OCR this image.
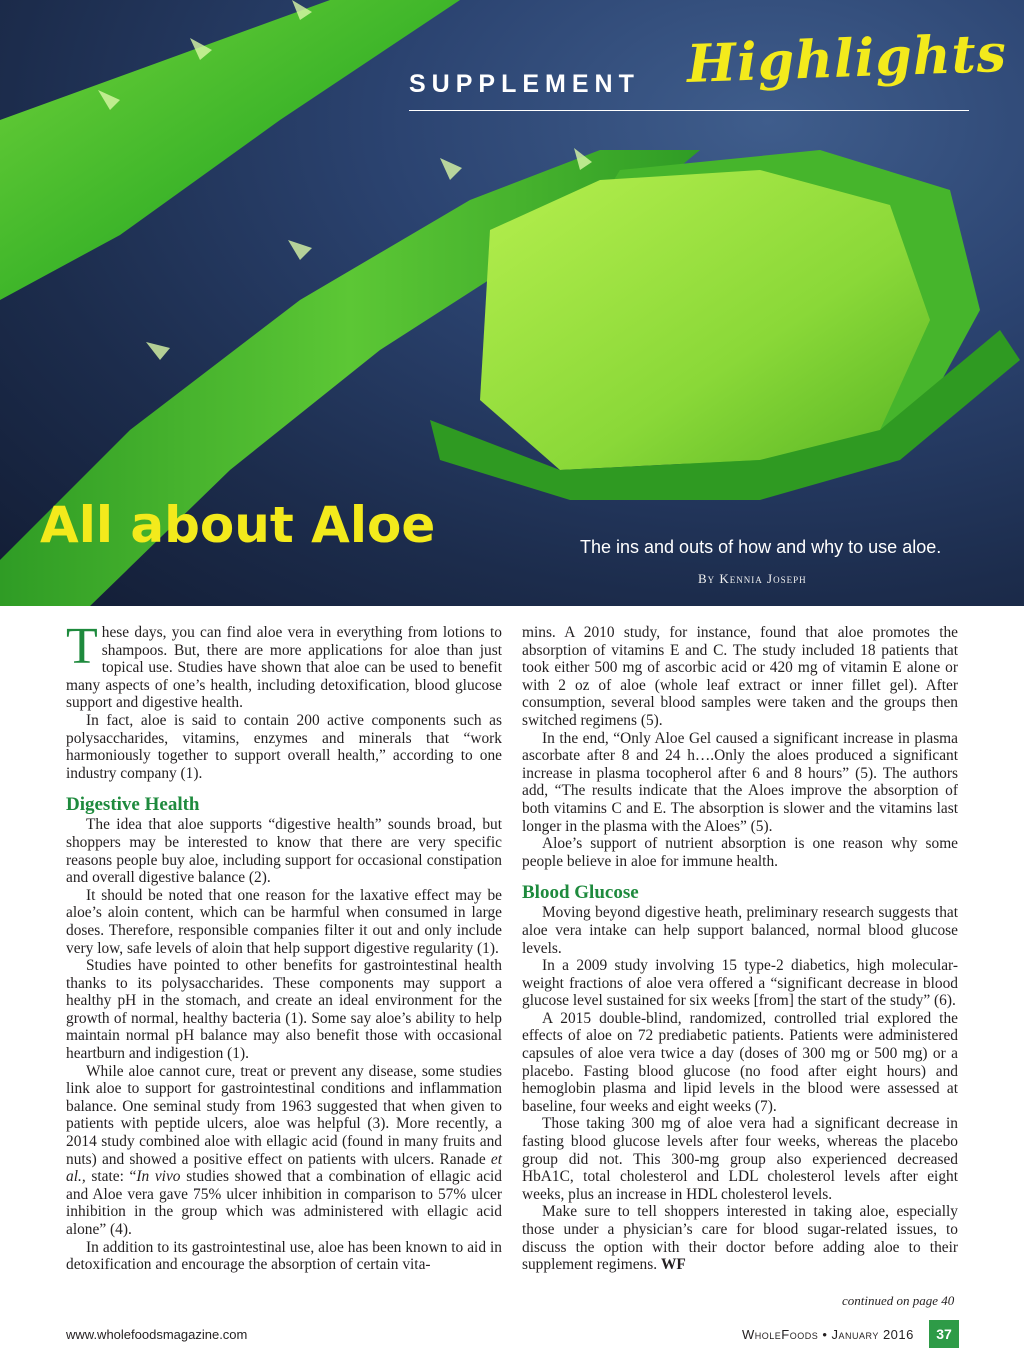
SUPPLEMENT Highlights
All about Aloe	The ins and outs of how and why to use aloe.
By Kennia Joseph

These days, you can find aloe vera in everything from lotions to shampoos. But, there are more applications for aloe than just topical use. Studies have shown that aloe can be used to benefit many aspects of one’s health, including detoxification, blood glucose support and digestive health.

In fact, aloe is said to contain 200 active components such as polysaccharides, vitamins, enzymes and minerals that “work harmoniously together to support overall health,” according to one industry company (1).

Digestive Health

The idea that aloe supports “digestive health” sounds broad, but shoppers may be interested to know that there are very specific reasons people buy aloe, including support for occasional constipation and overall digestive balance (2).

It should be noted that one reason for the laxative effect may be aloe’s aloin content, which can be harmful when consumed in large doses. Therefore, responsible companies filter it out and only include very low, safe levels of aloin that help support digestive regularity (1).

Studies have pointed to other benefits for gastrointestinal health thanks to its polysaccharides. These components may support a healthy pH in the stomach, and create an ideal environment for the growth of normal, healthy bacteria (1). Some say aloe’s ability to help maintain normal pH balance may also benefit those with occasional heartburn and indigestion (1).

While aloe cannot cure, treat or prevent any disease, some studies link aloe to support for gastrointestinal conditions and inflammation balance. One seminal study from 1963 suggested that when given to patients with peptide ulcers, aloe was helpful (3). More recently, a 2014 study combined aloe with ellagic acid (found in many fruits and nuts) and showed a positive effect on patients with ulcers. Ranade et al., state: “In vivo studies showed that a combination of ellagic acid and Aloe vera gave 75% ulcer inhibition in comparison to 57% ulcer inhibition in the group which was administered with ellagic acid alone” (4).

In addition to its gastrointestinal use, aloe has been known to aid in detoxification and encourage the absorption of certain vita-

mins. A 2010 study, for instance, found that aloe promotes the absorption of vitamins E and C. The study included 18 patients that took either 500 mg of ascorbic acid or 420 mg of vitamin E alone or with 2 oz of aloe (whole leaf extract or inner fillet gel). After consumption, several blood samples were taken and the groups then switched regimens (5).

In the end, “Only Aloe Gel caused a significant increase in plasma ascorbate after 8 and 24 h….Only the aloes produced a significant increase in plasma tocopherol after 6 and 8 hours” (5). The authors add, “The results indicate that the Aloes improve the absorption of both vitamins C and E. The absorption is slower and the vitamins last longer in the plasma with the Aloes” (5).

Aloe’s support of nutrient absorption is one reason why some people believe in aloe for immune health.

Blood Glucose

Moving beyond digestive heath, preliminary research suggests that aloe vera intake can help support balanced, normal blood glucose levels.

In a 2009 study involving 15 type-2 diabetics, high molecular-weight fractions of aloe vera offered a “significant decrease in blood glucose level sustained for six weeks [from] the start of the study” (6).

A 2015 double-blind, randomized, controlled trial explored the effects of aloe on 72 prediabetic patients. Patients were administered capsules of aloe vera twice a day (doses of 300 mg or 500 mg) or a placebo. Fasting blood glucose (no food after eight hours) and hemoglobin plasma and lipid levels in the blood were assessed at baseline, four weeks and eight weeks (7).

Those taking 300 mg of aloe vera had a significant decrease in fasting blood glucose levels after four weeks, whereas the placebo group did not. This 300-mg group also experienced decreased HbA1C, total cholesterol and LDL cholesterol levels after eight weeks, plus an increase in HDL cholesterol levels.

Make sure to tell shoppers interested in taking aloe, especially those under a physician’s care for blood sugar-related issues, to discuss the option with their doctor before adding aloe to their supplement regimens. WF

continued on page 40
www.wholefoodsmagazine.com	WholeFoods • January 2016	37
